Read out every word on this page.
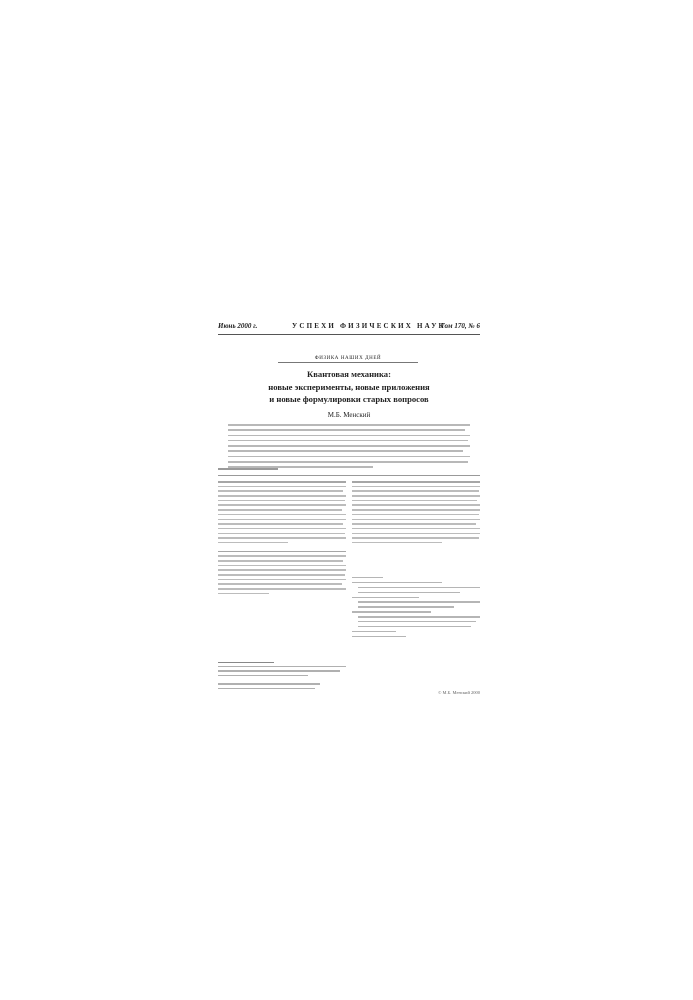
Июнь 2000 г.	УСПЕХИ ФИЗИЧЕСКИХ НАУК
Том 170, № 6
ФИЗИКА НАШИХ ДНЕЙ
Квантовая механика:
новые эксперименты, новые приложения
и новые формулировки старых вопросов
М.Б. Менский
© М.Б. Менский 2000
